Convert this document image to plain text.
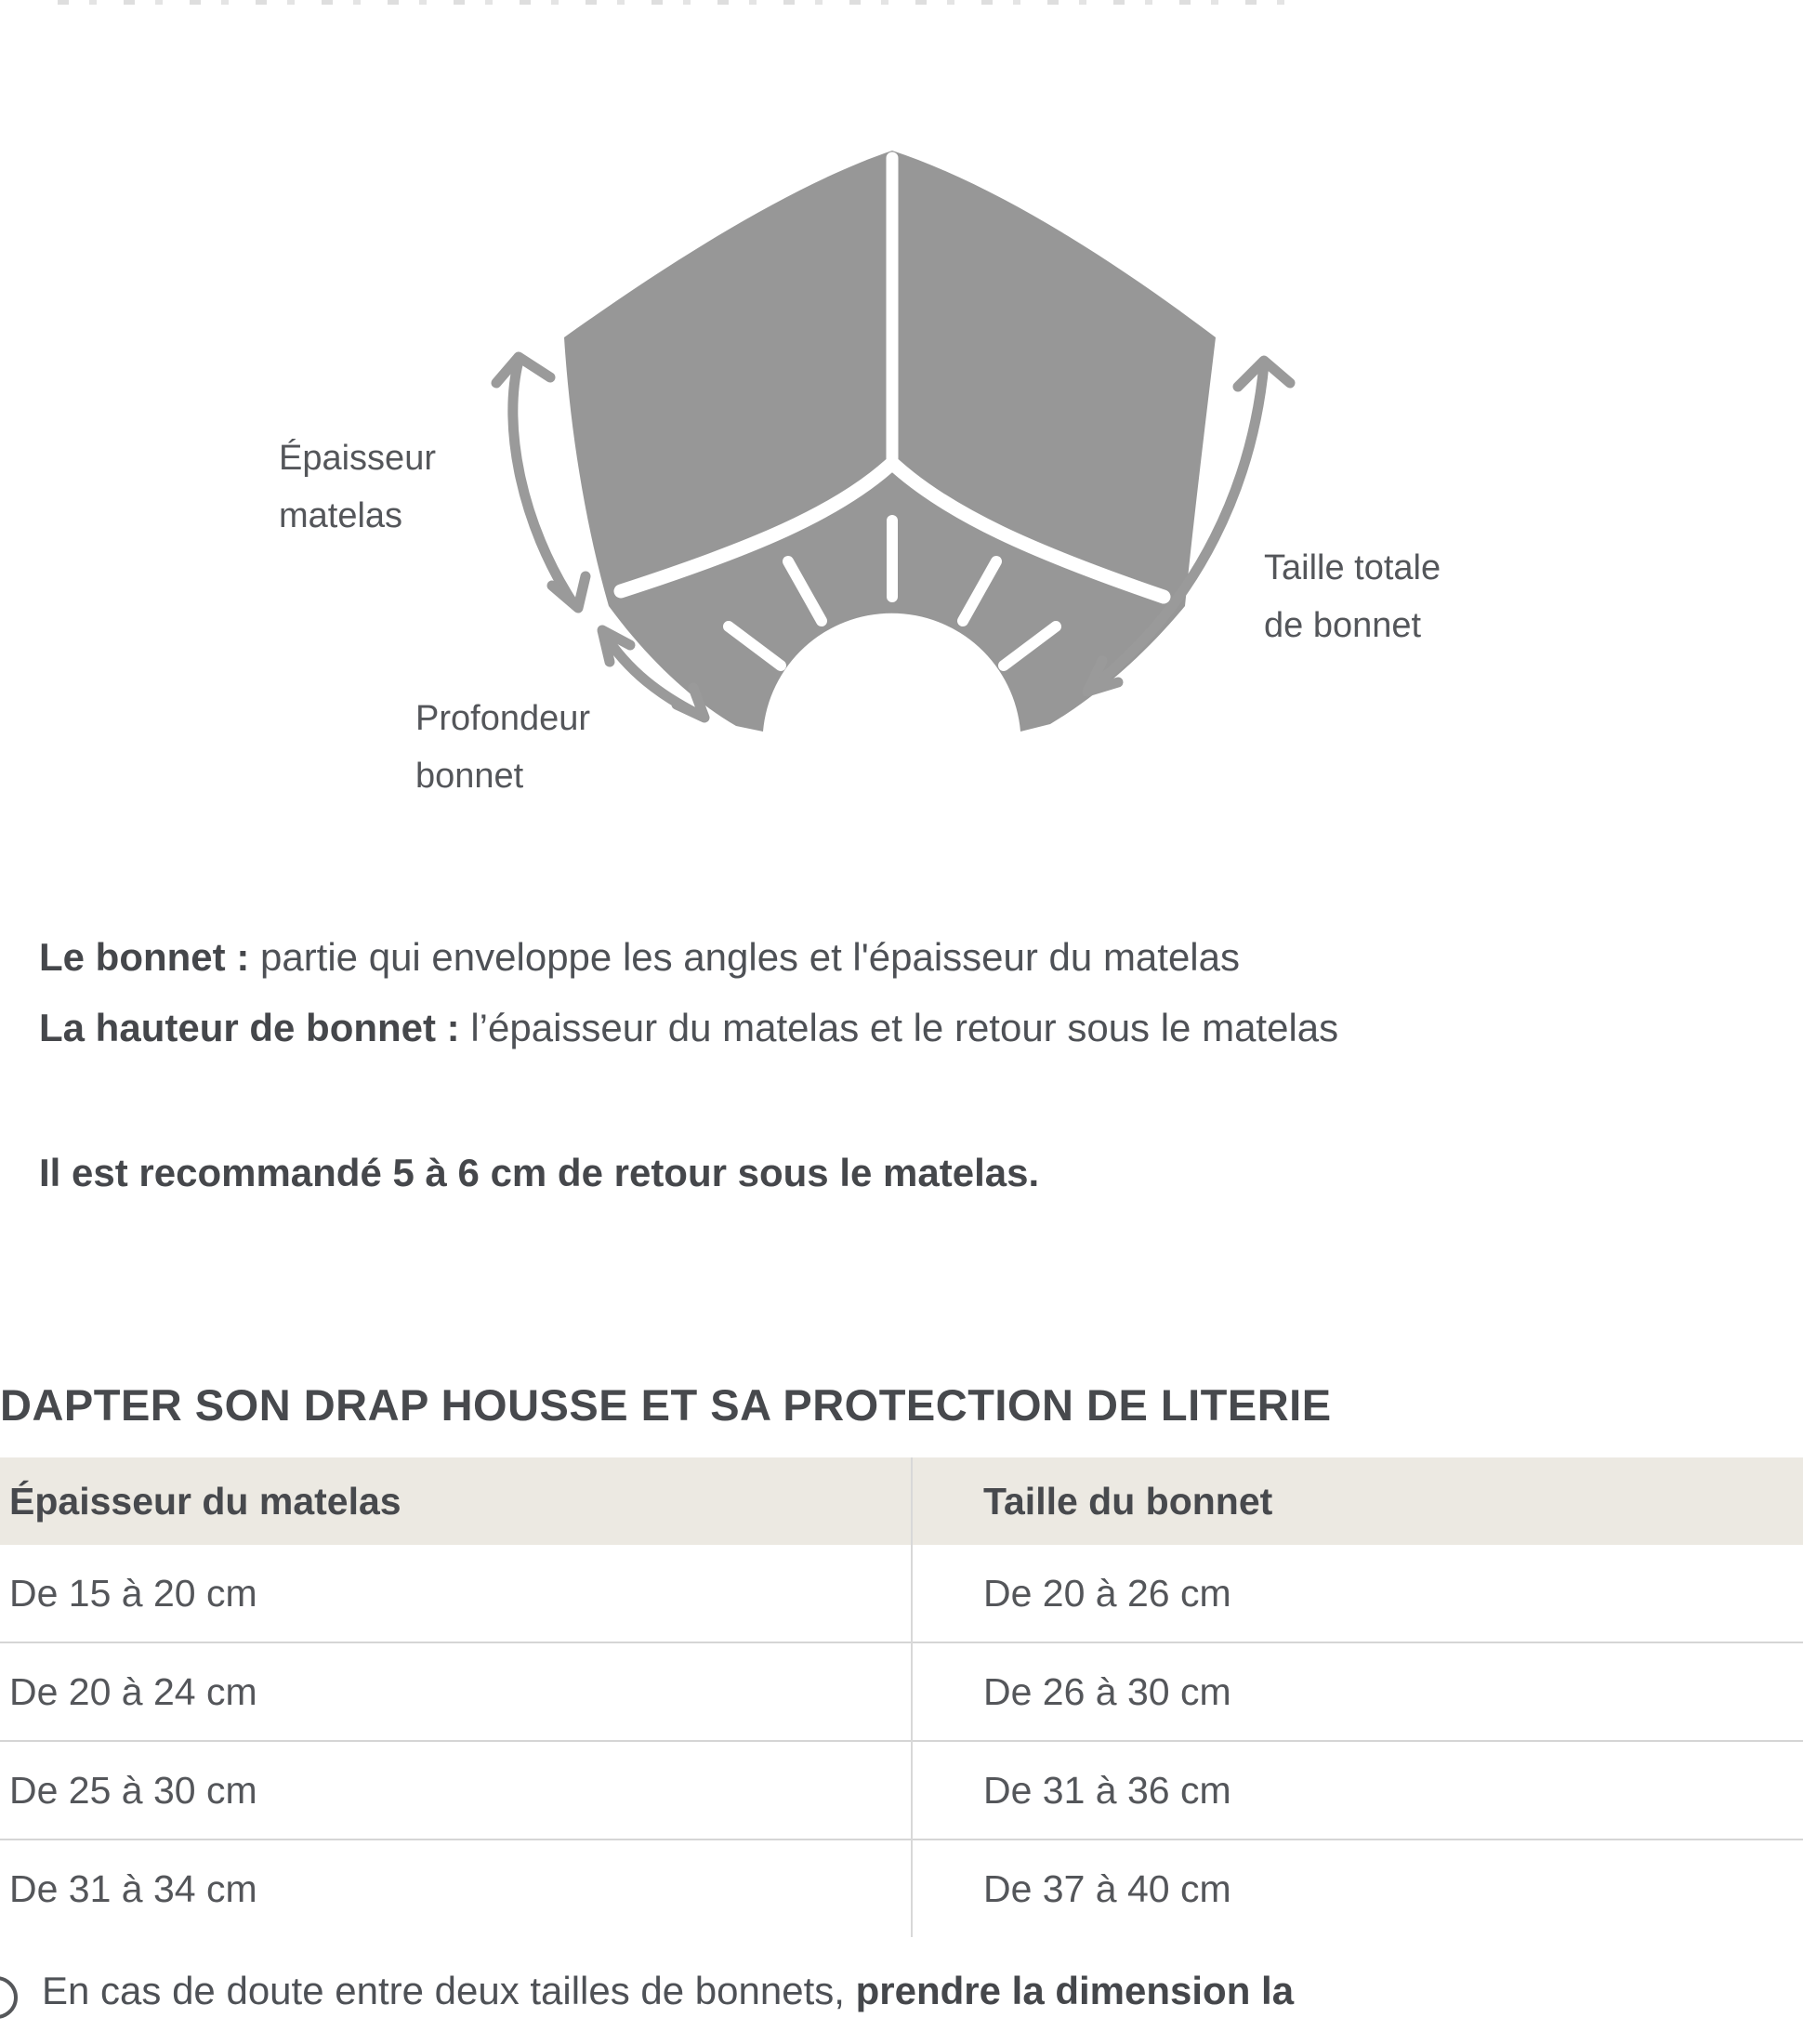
Épaisseur
matelas
Taille totale
de bonnet
Profondeur
bonnet
Le bonnet : partie qui enveloppe les angles et l'épaisseur du matelas
La hauteur de bonnet : l’épaisseur du matelas et le retour sous le matelas
Il est recommandé 5 à 6 cm de retour sous le matelas.
DAPTER SON DRAP HOUSSE ET SA PROTECTION DE LITERIE
Épaisseur du matelas	Taille du bonnet
De 15 à 20 cm	De 20 à 26 cm
De 20 à 24 cm	De 26 à 30 cm
De 25 à 30 cm	De 31 à 36 cm
De 31 à 34 cm	De 37 à 40 cm
En cas de doute entre deux tailles de bonnets, prendre la dimension la
